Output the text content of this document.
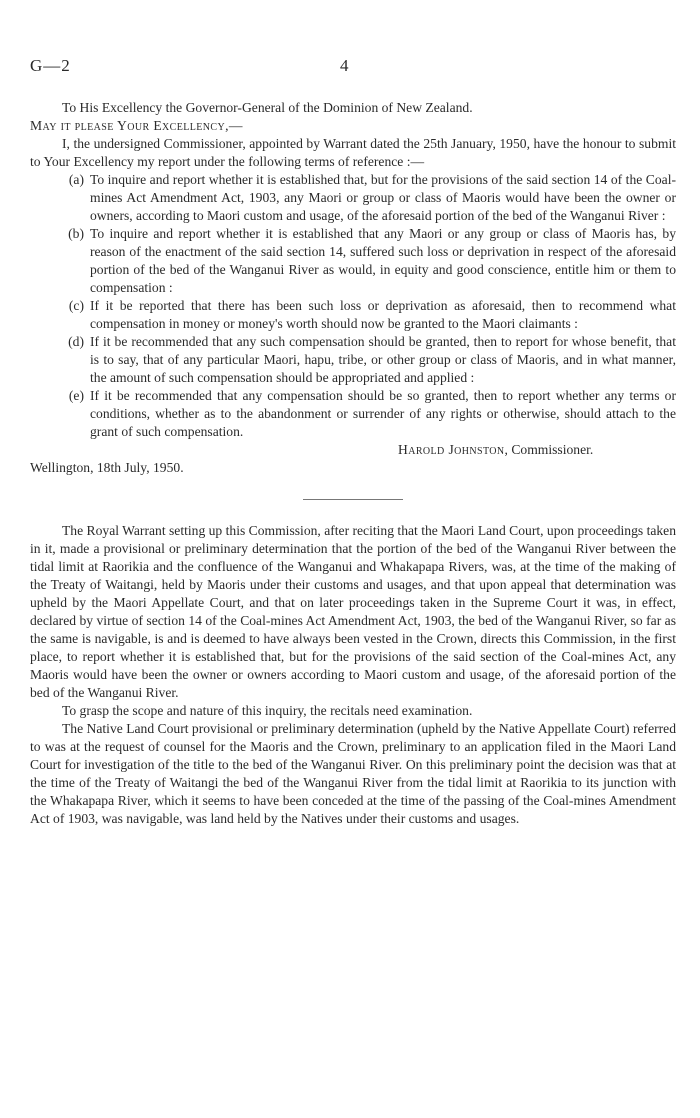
G—2	4

To His Excellency the Governor-General of the Dominion of New Zealand.

May it please Your Excellency,—

I, the undersigned Commissioner, appointed by Warrant dated the 25th January, 1950, have the honour to submit to Your Excellency my report under the following terms of reference :—

(a) To inquire and report whether it is established that, but for the provisions of the said section 14 of the Coal-mines Act Amendment Act, 1903, any Maori or group or class of Maoris would have been the owner or owners, according to Maori custom and usage, of the aforesaid portion of the bed of the Wanganui River :
(b) To inquire and report whether it is established that any Maori or any group or class of Maoris has, by reason of the enactment of the said section 14, suffered such loss or deprivation in respect of the aforesaid portion of the bed of the Wanganui River as would, in equity and good conscience, entitle him or them to compensation :
(c) If it be reported that there has been such loss or deprivation as aforesaid, then to recommend what compensation in money or money's worth should now be granted to the Maori claimants :
(d) If it be recommended that any such compensation should be granted, then to report for whose benefit, that is to say, that of any particular Maori, hapu, tribe, or other group or class of Maoris, and in what manner, the amount of such compensation should be appropriated and applied :
(e) If it be recommended that any compensation should be so granted, then to report whether any terms or conditions, whether as to the abandonment or surrender of any rights or otherwise, should attach to the grant of such compensation.

Harold Johnston, Commissioner.

Wellington, 18th July, 1950.

The Royal Warrant setting up this Commission, after reciting that the Maori Land Court, upon proceedings taken in it, made a provisional or preliminary determination that the portion of the bed of the Wanganui River between the tidal limit at Raorikia and the confluence of the Wanganui and Whakapapa Rivers, was, at the time of the making of the Treaty of Waitangi, held by Maoris under their customs and usages, and that upon appeal that determination was upheld by the Maori Appellate Court, and that on later proceedings taken in the Supreme Court it was, in effect, declared by virtue of section 14 of the Coal-mines Act Amendment Act, 1903, the bed of the Wanganui River, so far as the same is navigable, is and is deemed to have always been vested in the Crown, directs this Commission, in the first place, to report whether it is established that, but for the provisions of the said section of the Coal-mines Act, any Maoris would have been the owner or owners according to Maori custom and usage, of the aforesaid portion of the bed of the Wanganui River.

To grasp the scope and nature of this inquiry, the recitals need examination.

The Native Land Court provisional or preliminary determination (upheld by the Native Appellate Court) referred to was at the request of counsel for the Maoris and the Crown, preliminary to an application filed in the Maori Land Court for investigation of the title to the bed of the Wanganui River. On this preliminary point the decision was that at the time of the Treaty of Waitangi the bed of the Wanganui River from the tidal limit at Raorikia to its junction with the Whakapapa River, which it seems to have been conceded at the time of the passing of the Coal-mines Amendment Act of 1903, was navigable, was land held by the Natives under their customs and usages.
